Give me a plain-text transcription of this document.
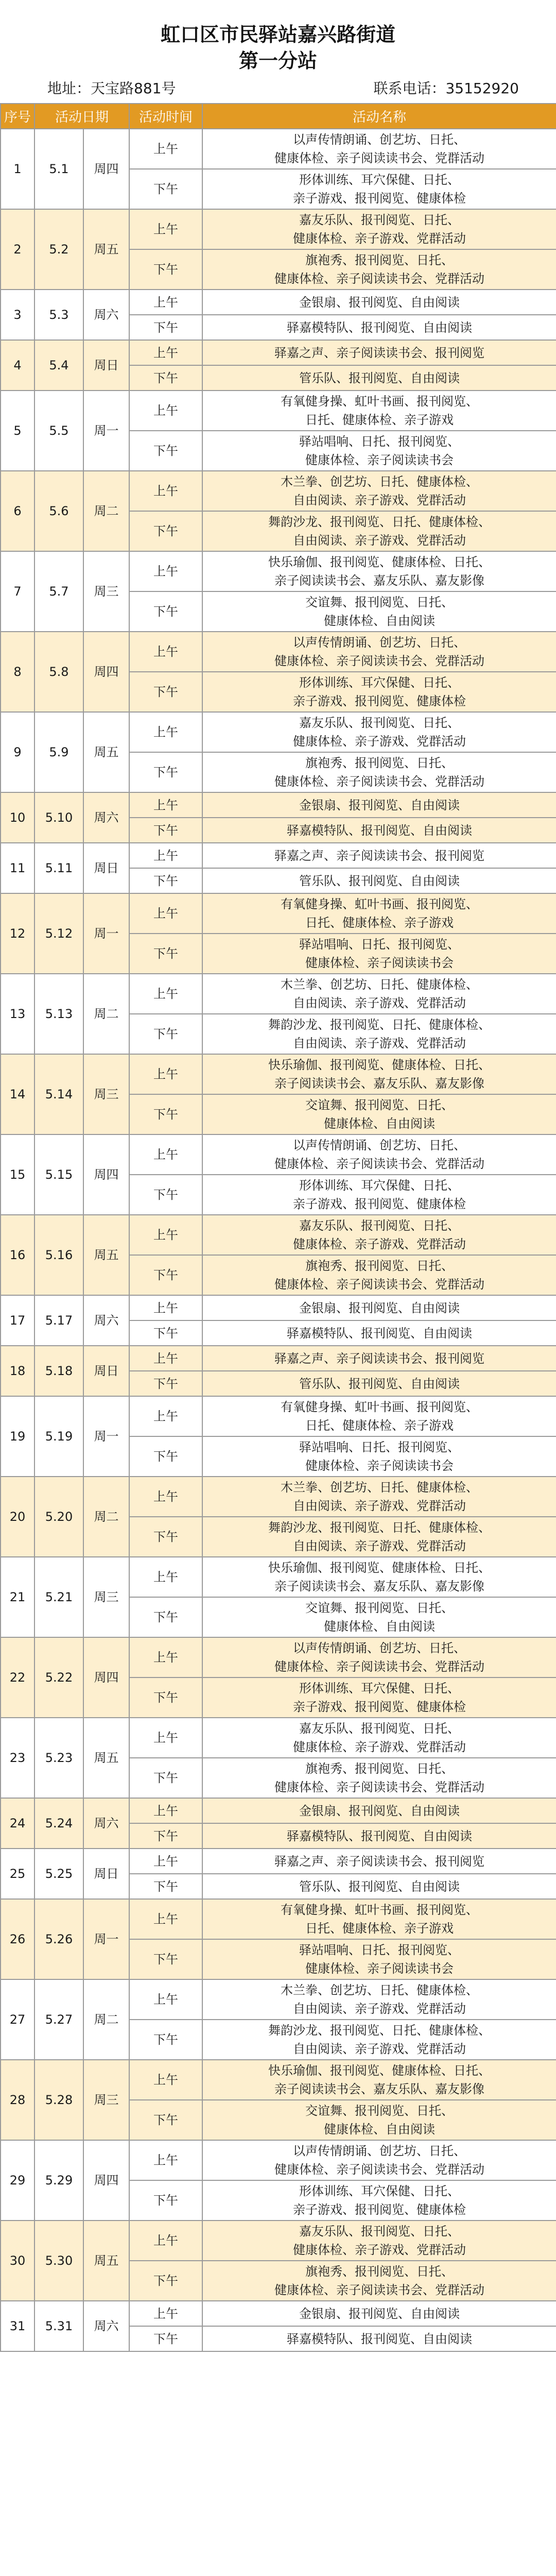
虹口区市民驿站嘉兴路街道
第一分站
地址：天宝路881号	联系电话：35152920
序号	活动日期		活动时间	活动名称
1	5.1	周四	上午	以声传情朗诵、创艺坊、日托、
健康体检、亲子阅读读书会、党群活动
			下午	形体训练、耳穴保健、日托、
亲子游戏、报刊阅览、健康体检
2	5.2	周五	上午	嘉友乐队、报刊阅览、日托、
健康体检、亲子游戏、党群活动
			下午	旗袍秀、报刊阅览、日托、
健康体检、亲子阅读读书会、党群活动
3	5.3	周六	上午	金银扇、报刊阅览、自由阅读
			下午	驿嘉模特队、报刊阅览、自由阅读
4	5.4	周日	上午	驿嘉之声、亲子阅读读书会、报刊阅览
			下午	管乐队、报刊阅览、自由阅读
5	5.5	周一	上午	有氧健身操、虹叶书画、报刊阅览、
日托、健康体检、亲子游戏
			下午	驿站唱响、日托、报刊阅览、
健康体检、亲子阅读读书会
6	5.6	周二	上午	木兰拳、创艺坊、日托、健康体检、
自由阅读、亲子游戏、党群活动
			下午	舞韵沙龙、报刊阅览、日托、健康体检、
自由阅读、亲子游戏、党群活动
7	5.7	周三	上午	快乐瑜伽、报刊阅览、健康体检、日托、
亲子阅读读书会、嘉友乐队、嘉友影像
			下午	交谊舞、报刊阅览、日托、
健康体检、自由阅读
8	5.8	周四	上午	以声传情朗诵、创艺坊、日托、
健康体检、亲子阅读读书会、党群活动
			下午	形体训练、耳穴保健、日托、
亲子游戏、报刊阅览、健康体检
9	5.9	周五	上午	嘉友乐队、报刊阅览、日托、
健康体检、亲子游戏、党群活动
			下午	旗袍秀、报刊阅览、日托、
健康体检、亲子阅读读书会、党群活动
10	5.10	周六	上午	金银扇、报刊阅览、自由阅读
			下午	驿嘉模特队、报刊阅览、自由阅读
11	5.11	周日	上午	驿嘉之声、亲子阅读读书会、报刊阅览
			下午	管乐队、报刊阅览、自由阅读
12	5.12	周一	上午	有氧健身操、虹叶书画、报刊阅览、
日托、健康体检、亲子游戏
			下午	驿站唱响、日托、报刊阅览、
健康体检、亲子阅读读书会
13	5.13	周二	上午	木兰拳、创艺坊、日托、健康体检、
自由阅读、亲子游戏、党群活动
			下午	舞韵沙龙、报刊阅览、日托、健康体检、
自由阅读、亲子游戏、党群活动
14	5.14	周三	上午	快乐瑜伽、报刊阅览、健康体检、日托、
亲子阅读读书会、嘉友乐队、嘉友影像
			下午	交谊舞、报刊阅览、日托、
健康体检、自由阅读
15	5.15	周四	上午	以声传情朗诵、创艺坊、日托、
健康体检、亲子阅读读书会、党群活动
			下午	形体训练、耳穴保健、日托、
亲子游戏、报刊阅览、健康体检
16	5.16	周五	上午	嘉友乐队、报刊阅览、日托、
健康体检、亲子游戏、党群活动
			下午	旗袍秀、报刊阅览、日托、
健康体检、亲子阅读读书会、党群活动
17	5.17	周六	上午	金银扇、报刊阅览、自由阅读
			下午	驿嘉模特队、报刊阅览、自由阅读
18	5.18	周日	上午	驿嘉之声、亲子阅读读书会、报刊阅览
			下午	管乐队、报刊阅览、自由阅读
19	5.19	周一	上午	有氧健身操、虹叶书画、报刊阅览、
日托、健康体检、亲子游戏
			下午	驿站唱响、日托、报刊阅览、
健康体检、亲子阅读读书会
20	5.20	周二	上午	木兰拳、创艺坊、日托、健康体检、
自由阅读、亲子游戏、党群活动
			下午	舞韵沙龙、报刊阅览、日托、健康体检、
自由阅读、亲子游戏、党群活动
21	5.21	周三	上午	快乐瑜伽、报刊阅览、健康体检、日托、
亲子阅读读书会、嘉友乐队、嘉友影像
			下午	交谊舞、报刊阅览、日托、
健康体检、自由阅读
22	5.22	周四	上午	以声传情朗诵、创艺坊、日托、
健康体检、亲子阅读读书会、党群活动
			下午	形体训练、耳穴保健、日托、
亲子游戏、报刊阅览、健康体检
23	5.23	周五	上午	嘉友乐队、报刊阅览、日托、
健康体检、亲子游戏、党群活动
			下午	旗袍秀、报刊阅览、日托、
健康体检、亲子阅读读书会、党群活动
24	5.24	周六	上午	金银扇、报刊阅览、自由阅读
			下午	驿嘉模特队、报刊阅览、自由阅读
25	5.25	周日	上午	驿嘉之声、亲子阅读读书会、报刊阅览
			下午	管乐队、报刊阅览、自由阅读
26	5.26	周一	上午	有氧健身操、虹叶书画、报刊阅览、
日托、健康体检、亲子游戏
			下午	驿站唱响、日托、报刊阅览、
健康体检、亲子阅读读书会
27	5.27	周二	上午	木兰拳、创艺坊、日托、健康体检、
自由阅读、亲子游戏、党群活动
			下午	舞韵沙龙、报刊阅览、日托、健康体检、
自由阅读、亲子游戏、党群活动
28	5.28	周三	上午	快乐瑜伽、报刊阅览、健康体检、日托、
亲子阅读读书会、嘉友乐队、嘉友影像
			下午	交谊舞、报刊阅览、日托、
健康体检、自由阅读
29	5.29	周四	上午	以声传情朗诵、创艺坊、日托、
健康体检、亲子阅读读书会、党群活动
			下午	形体训练、耳穴保健、日托、
亲子游戏、报刊阅览、健康体检
30	5.30	周五	上午	嘉友乐队、报刊阅览、日托、
健康体检、亲子游戏、党群活动
			下午	旗袍秀、报刊阅览、日托、
健康体检、亲子阅读读书会、党群活动
31	5.31	周六	上午	金银扇、报刊阅览、自由阅读
			下午	驿嘉模特队、报刊阅览、自由阅读
